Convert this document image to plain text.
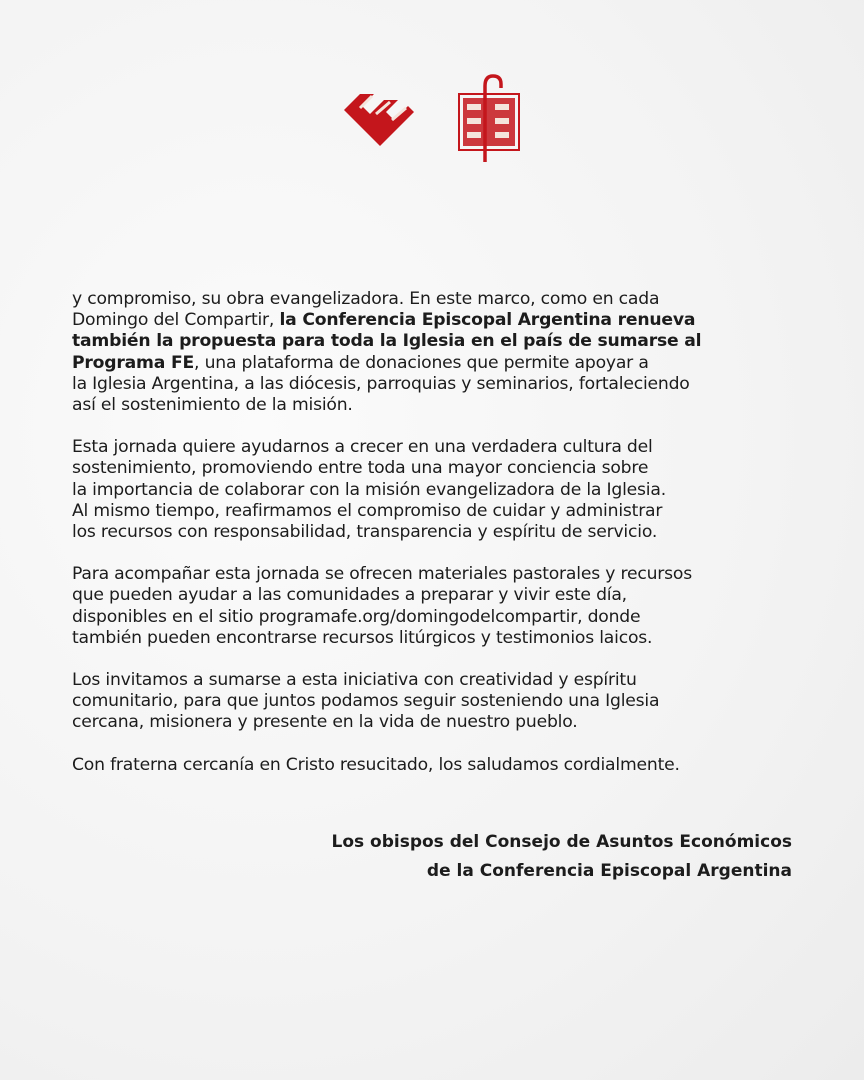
y compromiso, su obra evangelizadora. En este marco, como en cada
Domingo del Compartir, la Conferencia Episcopal Argentina renueva
también la propuesta para toda la Iglesia en el país de sumarse al
Programa FE, una plataforma de donaciones que permite apoyar a
la Iglesia Argentina, a las diócesis, parroquias y seminarios, fortaleciendo
así el sostenimiento de la misión.
Esta jornada quiere ayudarnos a crecer en una verdadera cultura del
sostenimiento, promoviendo entre toda una mayor conciencia sobre
la importancia de colaborar con la misión evangelizadora de la Iglesia.
Al mismo tiempo, reafirmamos el compromiso de cuidar y administrar
los recursos con responsabilidad, transparencia y espíritu de servicio.
Para acompañar esta jornada se ofrecen materiales pastorales y recursos
que pueden ayudar a las comunidades a preparar y vivir este día,
disponibles en el sitio programafe.org/domingodelcompartir, donde
también pueden encontrarse recursos litúrgicos y testimonios laicos.
Los invitamos a sumarse a esta iniciativa con creatividad y espíritu
comunitario, para que juntos podamos seguir sosteniendo una Iglesia
cercana, misionera y presente en la vida de nuestro pueblo.
Con fraterna cercanía en Cristo resucitado, los saludamos cordialmente.
Los obispos del Consejo de Asuntos Económicos
de la Conferencia Episcopal Argentina
